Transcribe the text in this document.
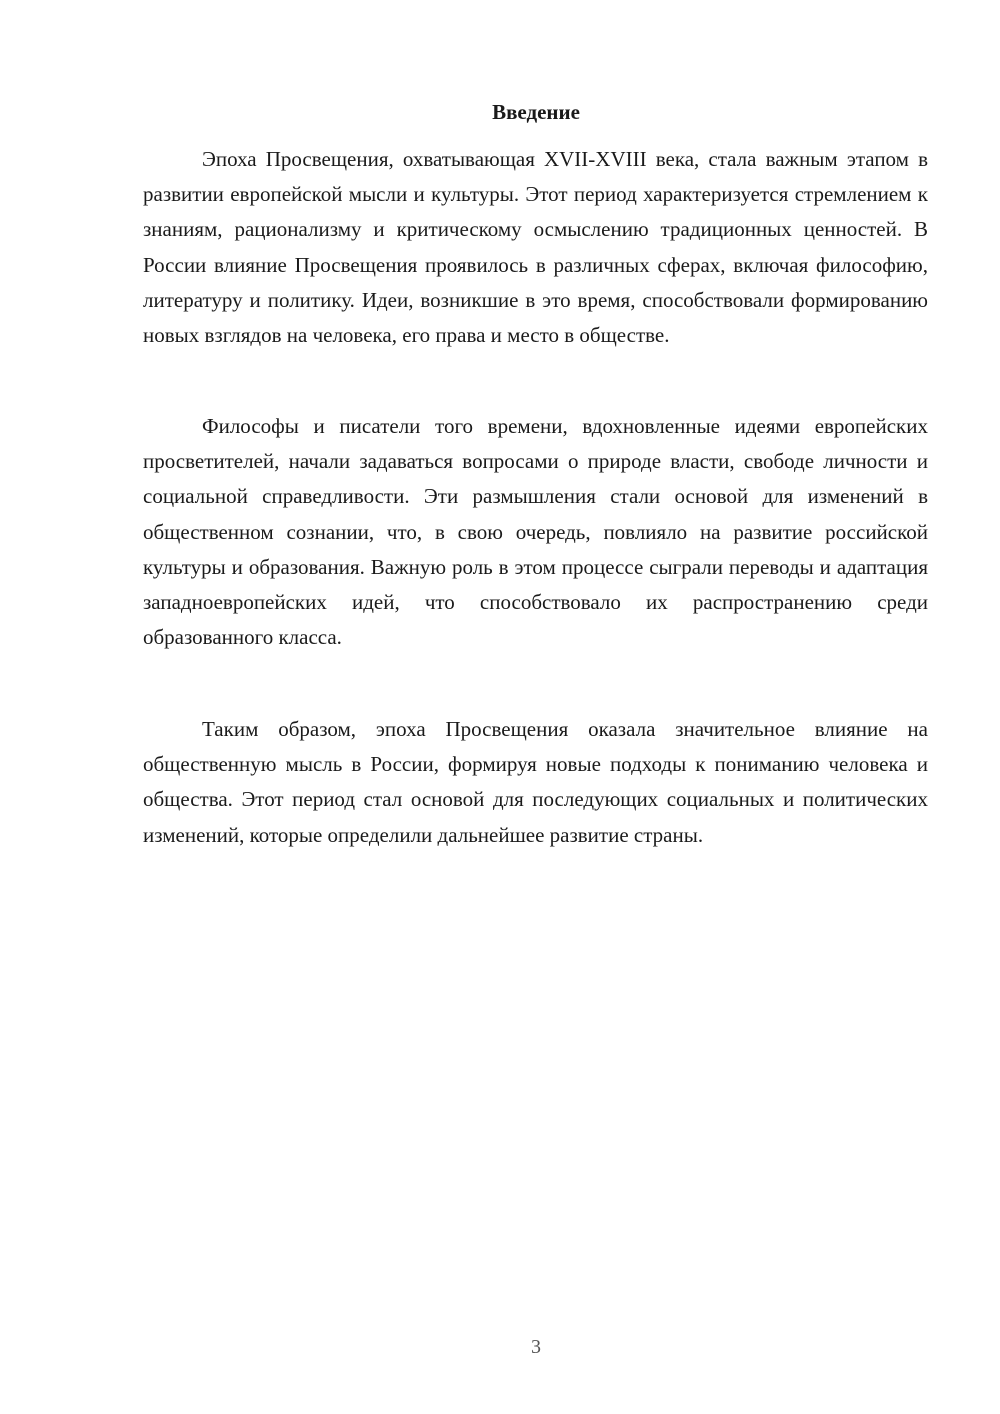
Введение

Эпоха Просвещения, охватывающая XVII-XVIII века, стала важным этапом в развитии европейской мысли и культуры. Этот период характеризуется стремлением к знаниям, рационализму и критическому осмыслению традиционных ценностей. В России влияние Просвещения проявилось в различных сферах, включая философию, литературу и политику. Идеи, возникшие в это время, способствовали формированию новых взглядов на человека, его права и место в обществе.

Философы и писатели того времени, вдохновленные идеями европейских просветителей, начали задаваться вопросами о природе власти, свободе личности и социальной справедливости. Эти размышления стали основой для изменений в общественном сознании, что, в свою очередь, повлияло на развитие российской культуры и образования. Важную роль в этом процессе сыграли переводы и адаптация западноевропейских идей, что способствовало их распространению среди образованного класса.

Таким образом, эпоха Просвещения оказала значительное влияние на общественную мысль в России, формируя новые подходы к пониманию человека и общества. Этот период стал основой для последующих социальных и политических изменений, которые определили дальнейшее развитие страны.

3
